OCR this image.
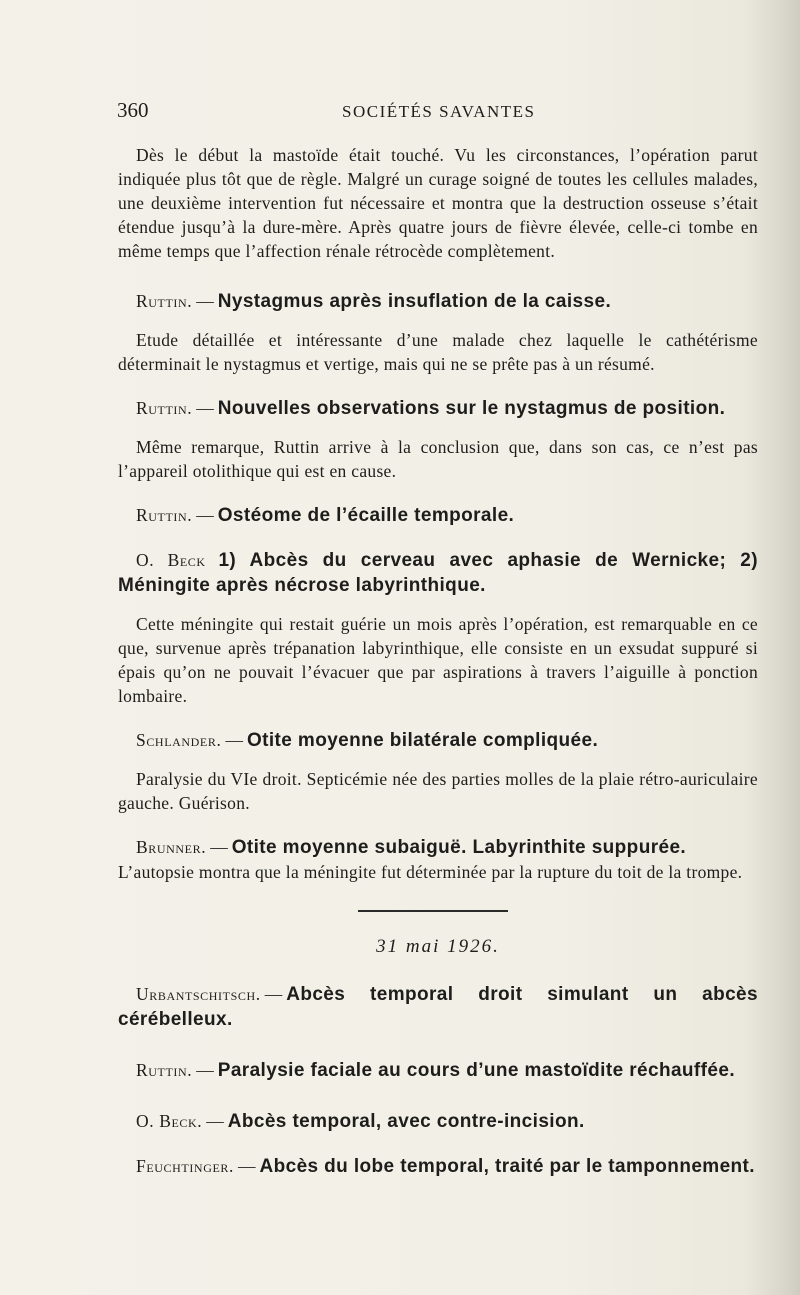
360	SOCIÉTÉS SAVANTES

Dès le début la mastoïde était touché. Vu les circonstances, l’opération parut indiquée plus tôt que de règle. Malgré un curage soigné de toutes les cellules malades, une deuxième intervention fut nécessaire et montra que la destruction osseuse s’était étendue jusqu’à la dure-mère. Après quatre jours de fièvre élevée, celle-ci tombe en même temps que l’affection rénale rétrocède complètement.

Ruttin. — Nystagmus après insuflation de la caisse.

Etude détaillée et intéressante d’une malade chez laquelle le cathétérisme déterminait le nystagmus et vertige, mais qui ne se prête pas à un résumé.

Ruttin. — Nouvelles observations sur le nystagmus de position.

Même remarque, Ruttin arrive à la conclusion que, dans son cas, ce n’est pas l’appareil otolithique qui est en cause.

Ruttin. — Ostéome de l’écaille temporale.

O. Beck 1) Abcès du cerveau avec aphasie de Wernicke; 2) Méningite après nécrose labyrinthique.

Cette méningite qui restait guérie un mois après l’opération, est remarquable en ce que, survenue après trépanation labyrinthique, elle consiste en un exsudat suppuré si épais qu’on ne pouvait l’évacuer que par aspirations à travers l’aiguille à ponction lombaire.

Schlander. — Otite moyenne bilatérale compliquée.

Paralysie du VIe droit. Septicémie née des parties molles de la plaie rétro-auriculaire gauche. Guérison.

Brunner. — Otite moyenne subaiguë. Labyrinthite suppurée.

L’autopsie montra que la méningite fut déterminée par la rupture du toit de la trompe.

31 mai 1926.

Urbantschitsch. — Abcès temporal droit simulant un abcès cérébelleux.

Ruttin. — Paralysie faciale au cours d’une mastoïdite réchauffée.

O. Beck. — Abcès temporal, avec contre-incision.

Feuchtinger. — Abcès du lobe temporal, traité par le tamponnement.
